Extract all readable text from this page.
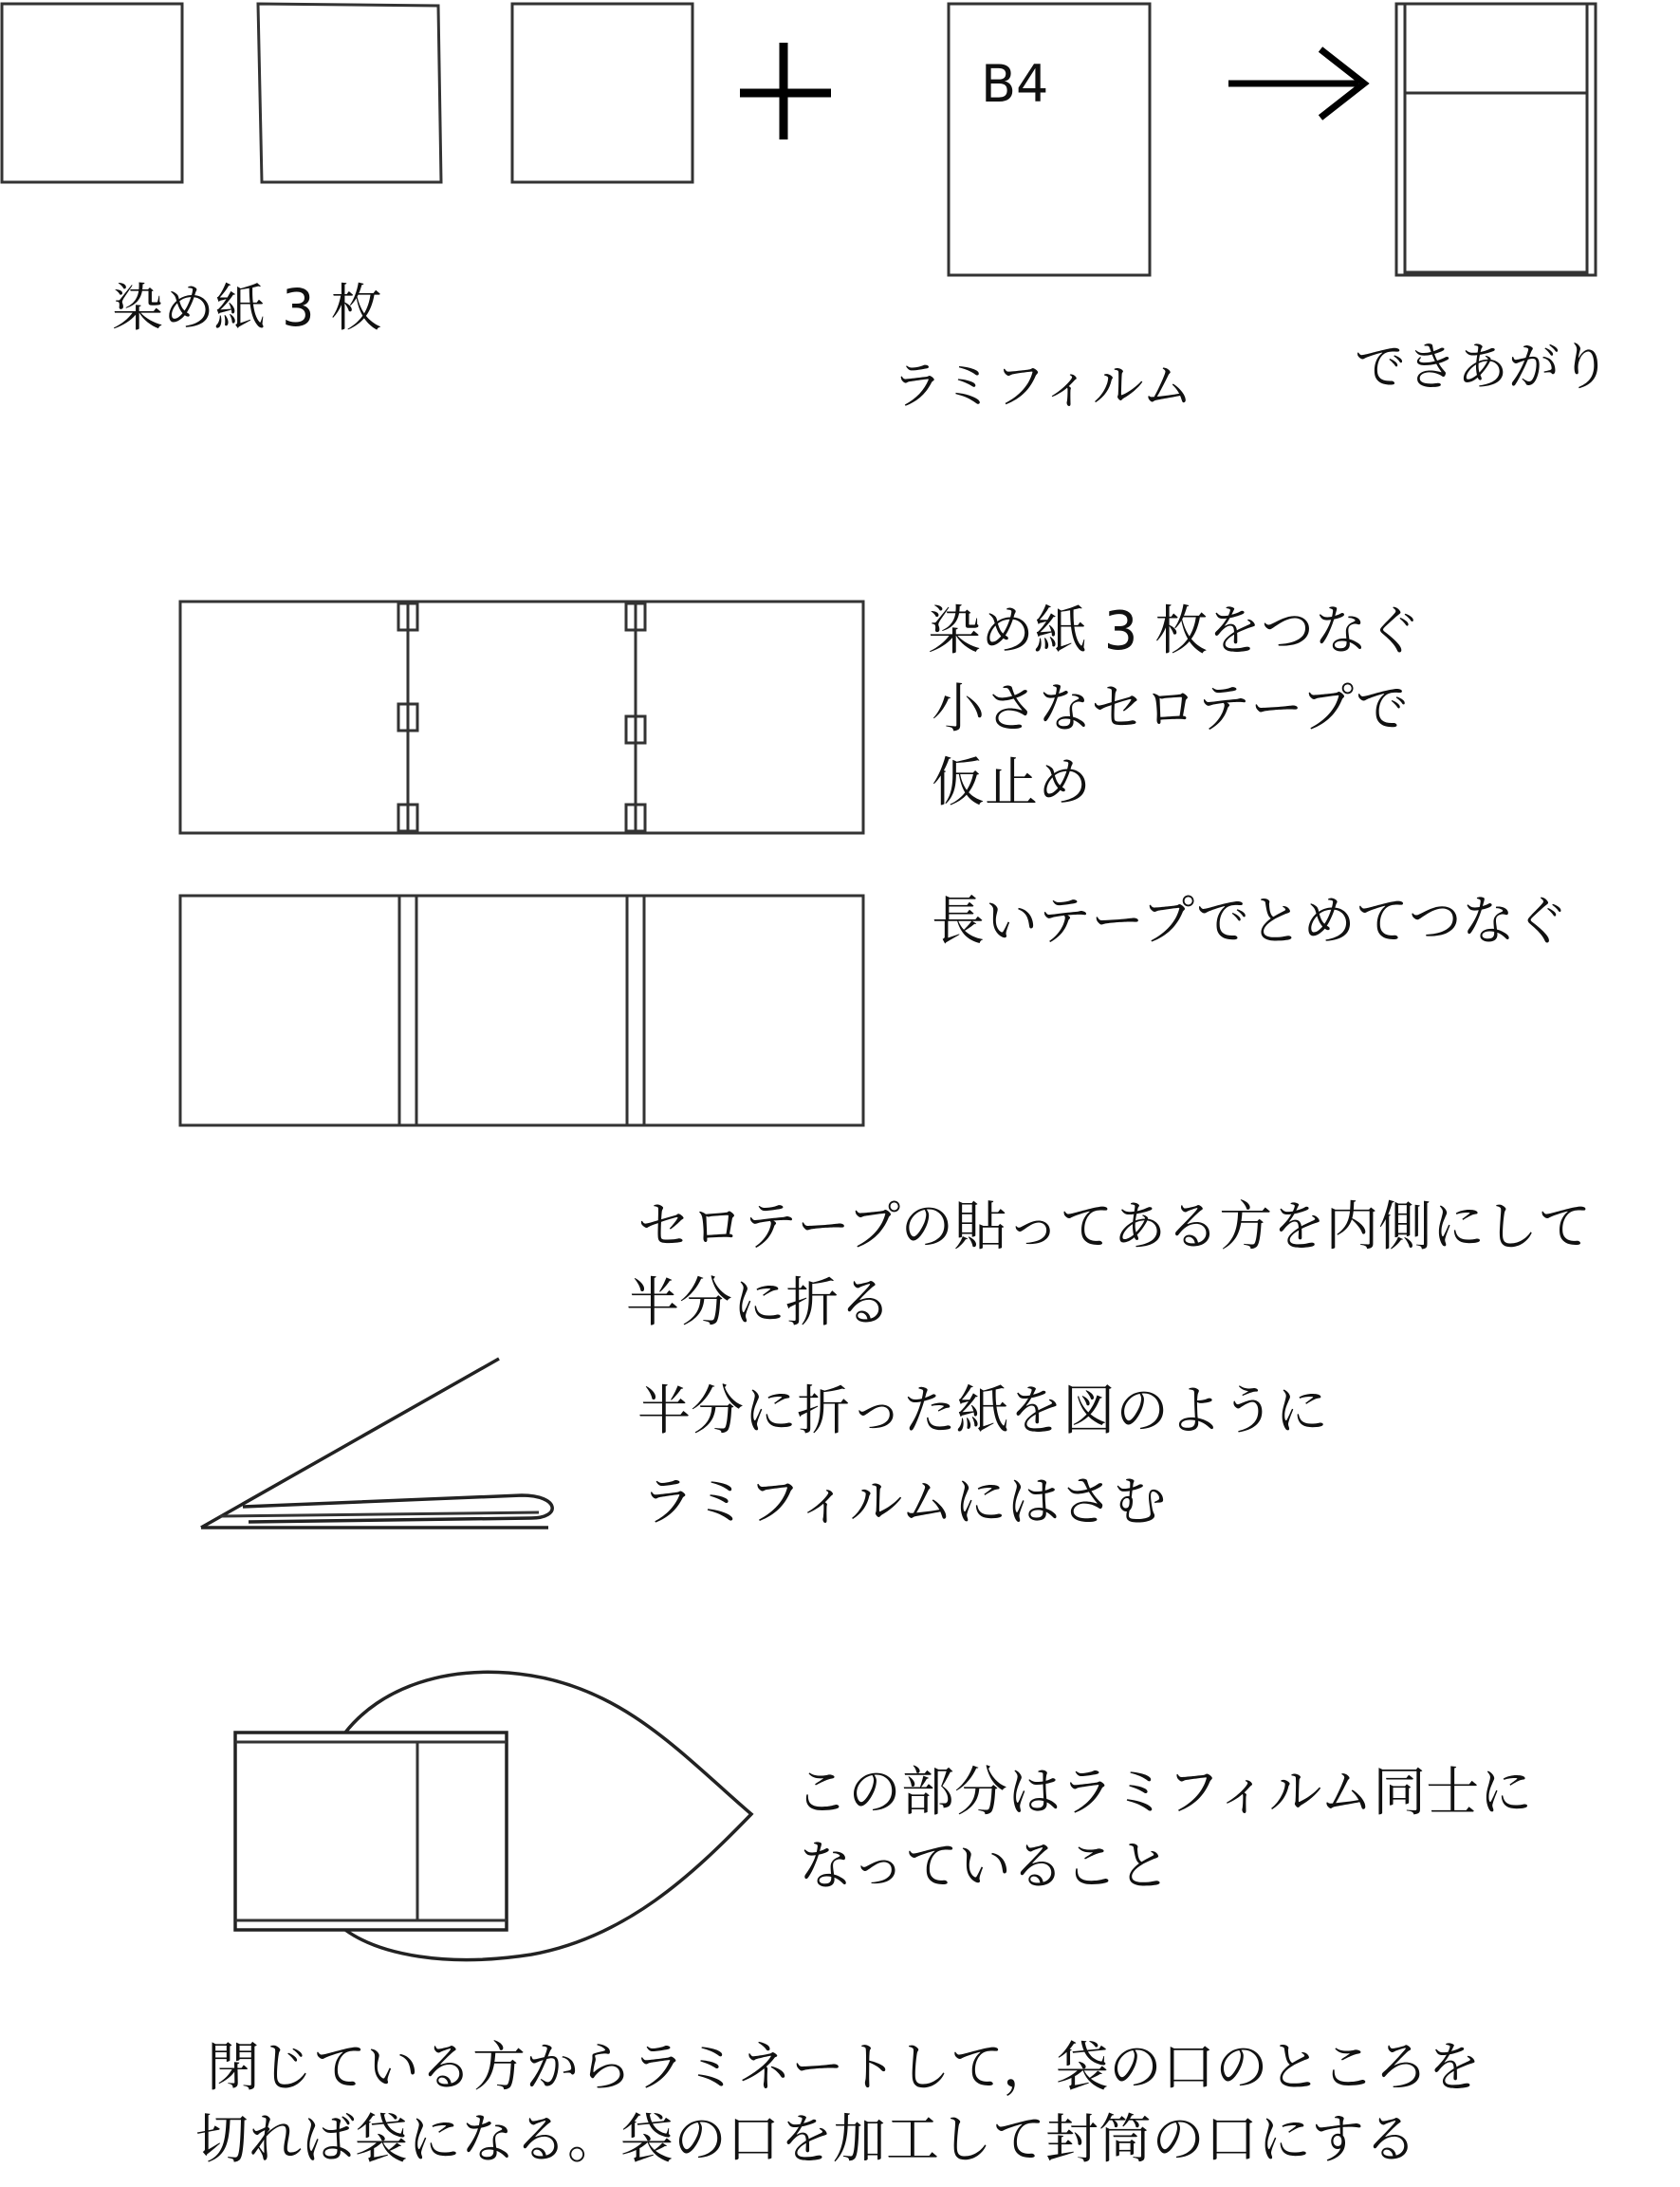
染め紙 3 枚
B4
ラミフィルム	できあがり
染め紙 3 枚をつなぐ
小さなセロテープで
仮止め
長いテープでとめてつなぐ
セロテープの貼ってある方を内側にして
半分に折る
半分に折った紙を図のように
ラミフィルムにはさむ
この部分はラミフィルム同士に
なっていること
閉じている方からラミネートして，袋の口のところを
切れば袋になる。袋の口を加工して封筒の口にする
